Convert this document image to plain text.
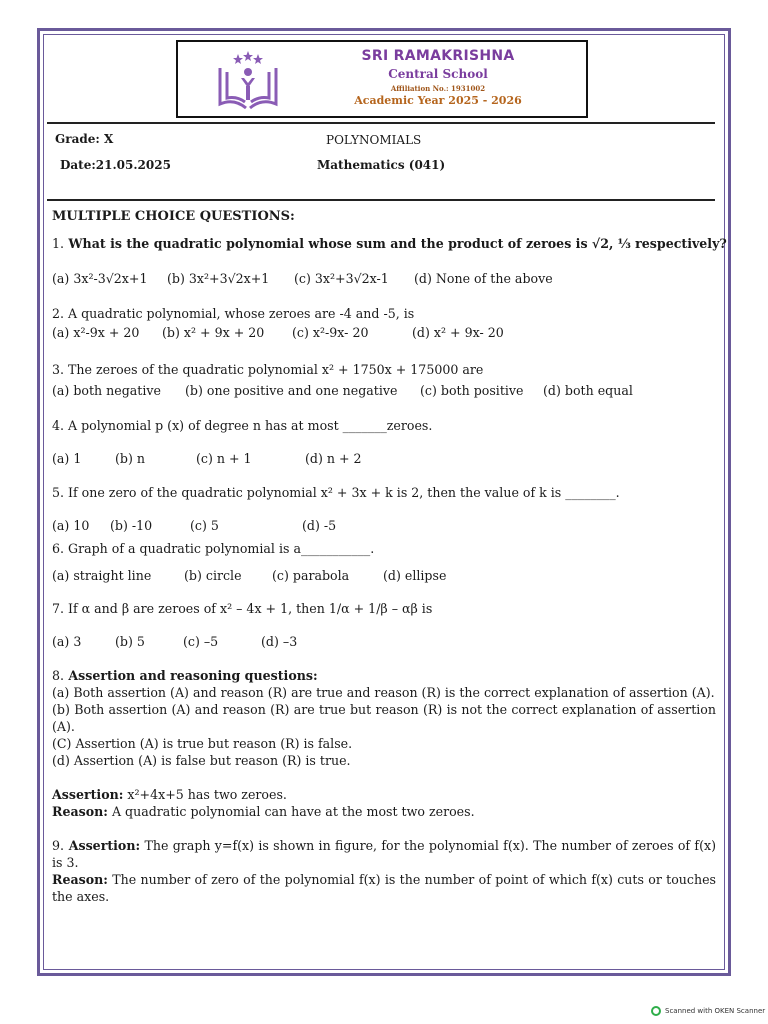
SRI RAMAKRISHNA
Central School
Affiliation No.: 1931002
Academic Year 2025 - 2026
Grade: X	POLYNOMIALS
Date:21.05.2025	Mathematics (041)

MULTIPLE CHOICE QUESTIONS:

1. What is the quadratic polynomial whose sum and the product of zeroes is √2, ⅓ respectively?

(a) 3x²-3√2x+1 (b) 3x²+3√2x+1 (c) 3x²+3√2x-1 (d) None of the above

2. A quadratic polynomial, whose zeroes are -4 and -5, is

(a) x²-9x + 20 (b) x² + 9x + 20 (c) x²-9x- 20	(d) x² + 9x- 20

3. The zeroes of the quadratic polynomial x² + 1750x + 175000 are

(a) both negative (b) one positive and one negative (c) both positive (d) both equal

4. A polynomial p (x) of degree n has at most _______zeroes.

(a) 1	(b) n	(c) n + 1	(d) n + 2

5. If one zero of the quadratic polynomial x² + 3x + k is 2, then the value of k is ________.

(a) 10 (b) -10	(c) 5	(d) -5

6. Graph of a quadratic polynomial is a___________.

(a) straight line	(b) circle (c) parabola	(d) ellipse

7. If α and β are zeroes of x² – 4x + 1, then 1/α + 1/β – αβ is

(a) 3	(b) 5	(c) –5	(d) –3

8. Assertion and reasoning questions:

(a) Both assertion (A) and reason (R) are true and reason (R) is the correct explanation of assertion (A).

(b) Both assertion (A) and reason (R) are true but reason (R) is not the correct explanation of assertion (A).

(C) Assertion (A) is true but reason (R) is false.

(d) Assertion (A) is false but reason (R) is true.

Assertion: x²+4x+5 has two zeroes.

Reason: A quadratic polynomial can have at the most two zeroes.

9. Assertion: The graph y=f(x) is shown in figure, for the polynomial f(x). The number of zeroes of f(x) is 3.

Reason: The number of zero of the polynomial f(x) is the number of point of which f(x) cuts or touches the axes.

Scanned with OKEN Scanner
